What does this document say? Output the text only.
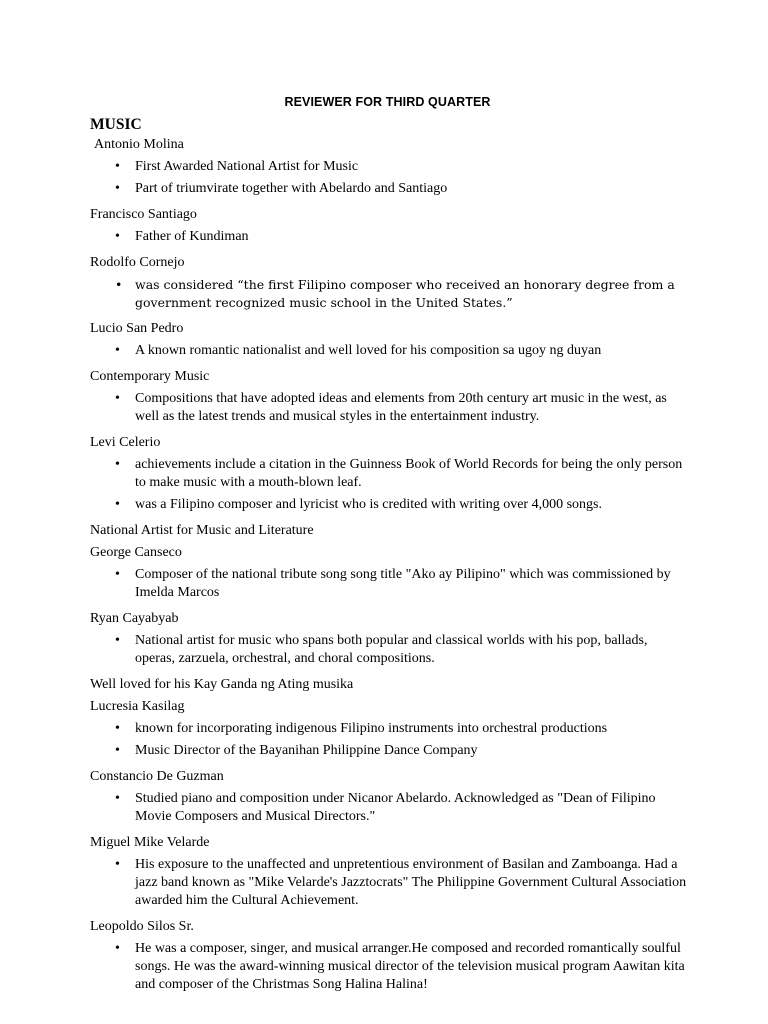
REVIEWER FOR THIRD QUARTER
MUSIC
Antonio Molina
• First Awarded National Artist for Music
• Part of triumvirate together with Abelardo and Santiago
Francisco Santiago
• Father of Kundiman
Rodolfo Cornejo
• was considered “the first Filipino composer who received an honorary degree from a government recognized music school in the United States.”
Lucio San Pedro
• A known romantic nationalist and well loved for his composition sa ugoy ng duyan
Contemporary Music
• Compositions that have adopted ideas and elements from 20th century art music in the west, as well as the latest trends and musical styles in the entertainment industry.
Levi Celerio
• achievements include a citation in the Guinness Book of World Records for being the only person to make music with a mouth-blown leaf.
• was a Filipino composer and lyricist who is credited with writing over 4,000 songs.
National Artist for Music and Literature
George Canseco
• Composer of the national tribute song song title "Ako ay Pilipino" which was commissioned by Imelda Marcos
Ryan Cayabyab
• National artist for music who spans both popular and classical worlds with his pop, ballads, operas, zarzuela, orchestral, and choral compositions.
Well loved for his Kay Ganda ng Ating musika
Lucresia Kasilag
• known for incorporating indigenous Filipino instruments into orchestral productions
• Music Director of the Bayanihan Philippine Dance Company
Constancio De Guzman
• Studied piano and composition under Nicanor Abelardo. Acknowledged as "Dean of Filipino Movie Composers and Musical Directors."
Miguel Mike Velarde
• His exposure to the unaffected and unpretentious environment of Basilan and Zamboanga. Had a jazz band known as "Mike Velarde's Jazztocrats" The Philippine Government Cultural Association awarded him the Cultural Achievement.
Leopoldo Silos Sr.
• He was a composer, singer, and musical arranger.He composed and recorded romantically soulful songs. He was the award-winning musical director of the television musical program Aawitan kita and composer of the Christmas Song Halina Halina!
